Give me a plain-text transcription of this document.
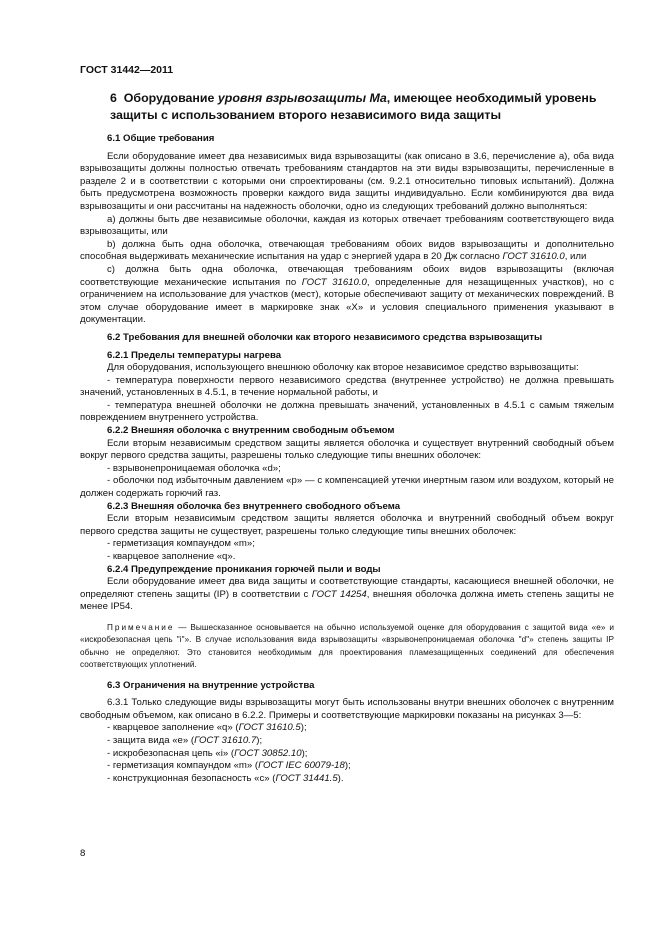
ГОСТ 31442—2011
6 Оборудование уровня взрывозащиты Ma, имеющее необходимый уровень защиты с использованием второго независимого вида защиты

6.1 Общие требования

Если оборудование имеет два независимых вида взрывозащиты (как описано в 3.6, перечисление а), оба вида взрывозащиты должны полностью отвечать требованиям стандартов на эти виды взрывозащиты, перечисленные в разделе 2 и в соответствии с которыми они спроектированы (см. 9.2.1 относительно типовых испытаний). Должна быть предусмотрена возможность проверки каждого вида защиты индивидуально. Если комбинируются два вида взрывозащиты и они рассчитаны на надежность оболочки, одно из следующих требований должно выполняться:

а) должны быть две независимые оболочки, каждая из которых отвечает требованиям соответствующего вида взрывозащиты, или

b) должна быть одна оболочка, отвечающая требованиям обоих видов взрывозащиты и дополнительно способная выдерживать механические испытания на удар с энергией удара в 20 Дж согласно ГОСТ 31610.0, или

с) должна быть одна оболочка, отвечающая требованиям обоих видов взрывозащиты (включая соответствующие механические испытания по ГОСТ 31610.0, определенные для незащищенных участков), но с ограничением на использование для участков (мест), которые обеспечивают защиту от механических повреждений. В этом случае оборудование имеет в маркировке знак «X» и условия специального применения указывают в документации.

6.2 Требования для внешней оболочки как второго независимого средства взрывозащиты

6.2.1 Пределы температуры нагрева

Для оборудования, использующего внешнюю оболочку как второе независимое средство взрывозащиты:

- температура поверхности первого независимого средства (внутреннее устройство) не должна превышать значений, установленных в 4.5.1, в течение нормальной работы, и

- температура внешней оболочки не должна превышать значений, установленных в 4.5.1 с самым тяжелым повреждением внутреннего устройства.

6.2.2 Внешняя оболочка с внутренним свободным объемом

Если вторым независимым средством защиты является оболочка и существует внутренний свободный объем вокруг первого средства защиты, разрешены только следующие типы внешних оболочек:

- взрывонепроницаемая оболочка «d»;

- оболочки под избыточным давлением «р» — с компенсацией утечки инертным газом или воздухом, который не должен содержать горючий газ.

6.2.3 Внешняя оболочка без внутреннего свободного объема

Если вторым независимым средством защиты является оболочка и внутренний свободный объем вокруг первого средства защиты не существует, разрешены только следующие типы внешних оболочек:

- герметизация компаундом «m»;

- кварцевое заполнение «q».

6.2.4 Предупреждение проникания горючей пыли и воды

Если оборудование имеет два вида защиты и соответствующие стандарты, касающиеся внешней оболочки, не определяют степень защиты (IP) в соответствии с ГОСТ 14254, внешняя оболочка должна иметь степень защиты не менее IP54.

Примечание — Вышесказанное основывается на обычно используемой оценке для оборудования с защитой вида «е» и «искробезопасная цепь "i"». В случае использования вида взрывозащиты «взрывонепроницаемая оболочка "d"» степень защиты IP обычно не определяют. Это становится необходимым для проектирования пламезащищенных соединений для обеспечения соответствующих уплотнений.

6.3 Ограничения на внутренние устройства

6.3.1 Только следующие виды взрывозащиты могут быть использованы внутри внешних оболочек с внутренним свободным объемом, как описано в 6.2.2. Примеры и соответствующие маркировки показаны на рисунках 3—5:

- кварцевое заполнение «q» (ГОСТ 31610.5);

- защита вида «е» (ГОСТ 31610.7);

- искробезопасная цепь «i» (ГОСТ 30852.10);

- герметизация компаундом «m» (ГОСТ IEC 60079-18);

- конструкционная безопасность «с» (ГОСТ 31441.5).

8
